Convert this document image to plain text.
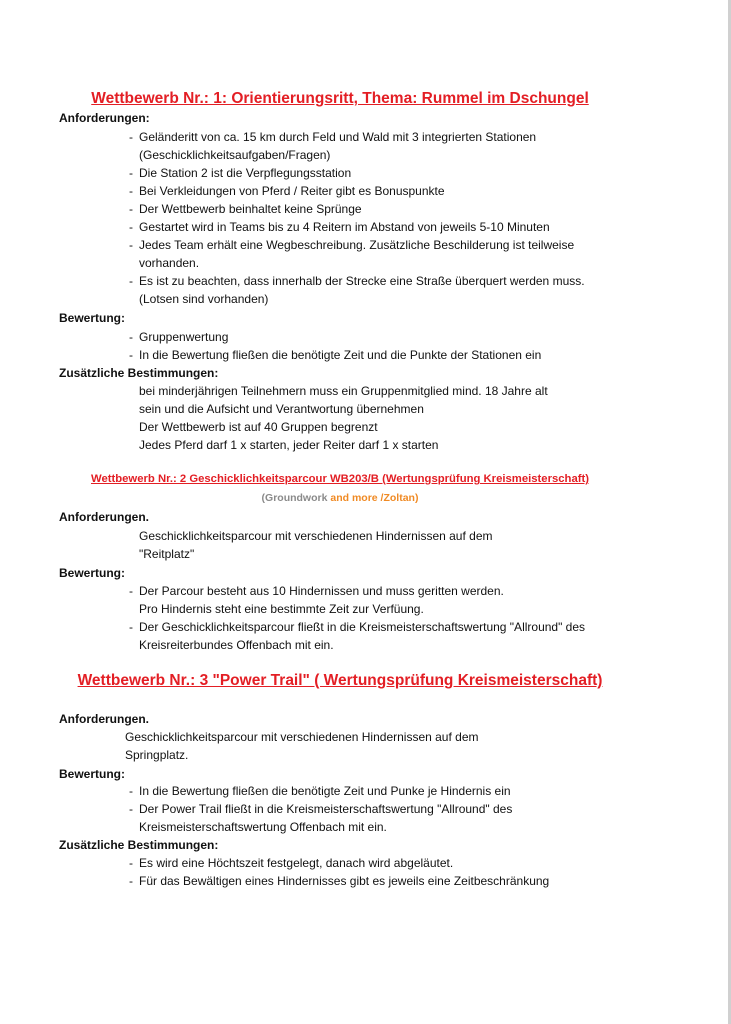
Wettbewerb Nr.: 1: Orientierungsritt, Thema: Rummel im Dschungel
Anforderungen:
- Geländeritt von ca. 15 km durch Feld und Wald mit 3 integrierten Stationen
(Geschicklichkeitsaufgaben/Fragen)
- Die Station 2 ist die Verpflegungsstation
- Bei Verkleidungen von Pferd / Reiter gibt es Bonuspunkte
- Der Wettbewerb beinhaltet keine Sprünge
- Gestartet wird in Teams bis zu 4 Reitern im Abstand von jeweils 5-10 Minuten
- Jedes Team erhält eine Wegbeschreibung. Zusätzliche Beschilderung ist teilweise
vorhanden.
- Es ist zu beachten, dass innerhalb der Strecke eine Straße überquert werden muss.
(Lotsen sind vorhanden)
Bewertung:
- Gruppenwertung
- In die Bewertung fließen die benötigte Zeit und die Punkte der Stationen ein
Zusätzliche Bestimmungen:
bei minderjährigen Teilnehmern muss ein Gruppenmitglied mind. 18 Jahre alt
sein und die Aufsicht und Verantwortung übernehmen
Der Wettbewerb ist auf 40 Gruppen begrenzt
Jedes Pferd darf 1 x starten, jeder Reiter darf 1 x starten
Wettbewerb Nr.: 2 Geschicklichkeitsparcour WB203/B (Wertungsprüfung Kreismeisterschaft)
(Groundwork and more /Zoltan)
Anforderungen.
Geschicklichkeitsparcour mit verschiedenen Hindernissen auf dem
"Reitplatz"
Bewertung:
- Der Parcour besteht aus 10 Hindernissen und muss geritten werden.
Pro Hindernis steht eine bestimmte Zeit zur Verfüung.
- Der Geschicklichkeitsparcour fließt in die Kreismeisterschaftswertung "Allround" des
Kreisreiterbundes Offenbach mit ein.
Wettbewerb Nr.: 3 "Power Trail" ( Wertungsprüfung Kreismeisterschaft)
Anforderungen.
Geschicklichkeitsparcour mit verschiedenen Hindernissen auf dem
Springplatz.
Bewertung:
- In die Bewertung fließen die benötigte Zeit und Punke je Hindernis ein
- Der Power Trail fließt in die Kreismeisterschaftswertung "Allround" des
Kreismeisterschaftswertung Offenbach mit ein.
Zusätzliche Bestimmungen:
- Es wird eine Höchtszeit festgelegt, danach wird abgeläutet.
- Für das Bewältigen eines Hindernisses gibt es jeweils eine Zeitbeschränkung
